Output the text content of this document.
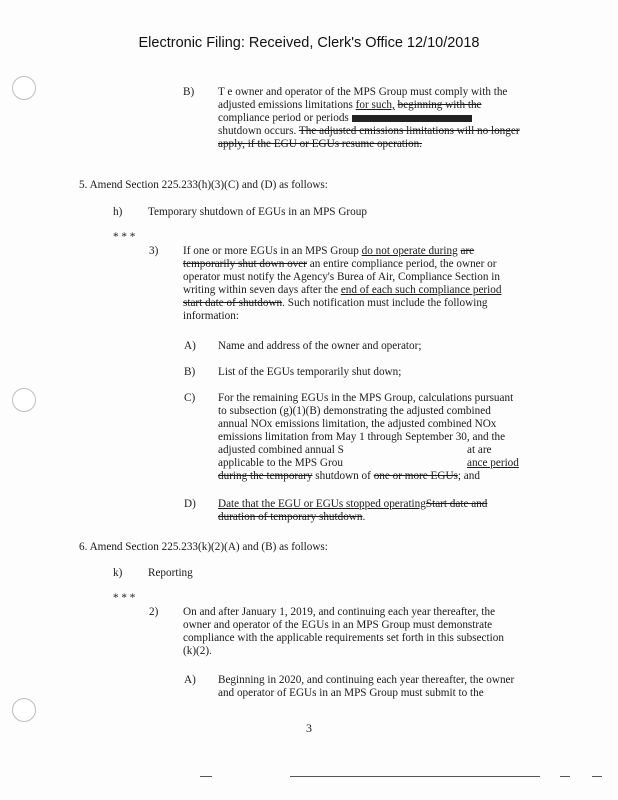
Electronic Filing: Received, Clerk's Office 12/10/2018
B) T e owner and operator of the MPS Group must comply with the
adjusted emissions limitations for such, beginning with the
compliance period or periods
shutdown occurs. The adjusted emissions limitations will no longer
apply, if the EGU or EGUs resume operation.
5. Amend Section 225.233(h)(3)(C) and (D) as follows:
h) Temporary shutdown of EGUs in an MPS Group
* * *
3) If one or more EGUs in an MPS Group do not operate during are
temporarily shut down over an entire compliance period, the owner or
operator must notify the Agency's Burea of Air, Compliance Section in
writing within seven days after the end of each such compliance period
start date of shutdown. Such notification must include the following
information:
A) Name and address of the owner and operator;
B) List of the EGUs temporarily shut down;
C) For the remaining EGUs in the MPS Group, calculations pursuant
to subsection (g)(1)(B) demonstrating the adjusted combined
annual NOx emissions limitation, the adjusted combined NOx
emissions limitation from May 1 through September 30, and the
adjusted combined annual S	at are
applicable to the MPS Grou	ance period
during the temporary shutdown of one or more EGUs; and
D) Date that the EGU or EGUs stopped operatingStart date and
duration of temporary shutdown.
6. Amend Section 225.233(k)(2)(A) and (B) as follows:
k) Reporting
* * *
2) On and after January 1, 2019, and continuing each year thereafter, the
owner and operator of the EGUs in an MPS Group must demonstrate
compliance with the applicable requirements set forth in this subsection
(k)(2).
A) Beginning in 2020, and continuing each year thereafter, the owner
and operator of EGUs in an MPS Group must submit to the
3
